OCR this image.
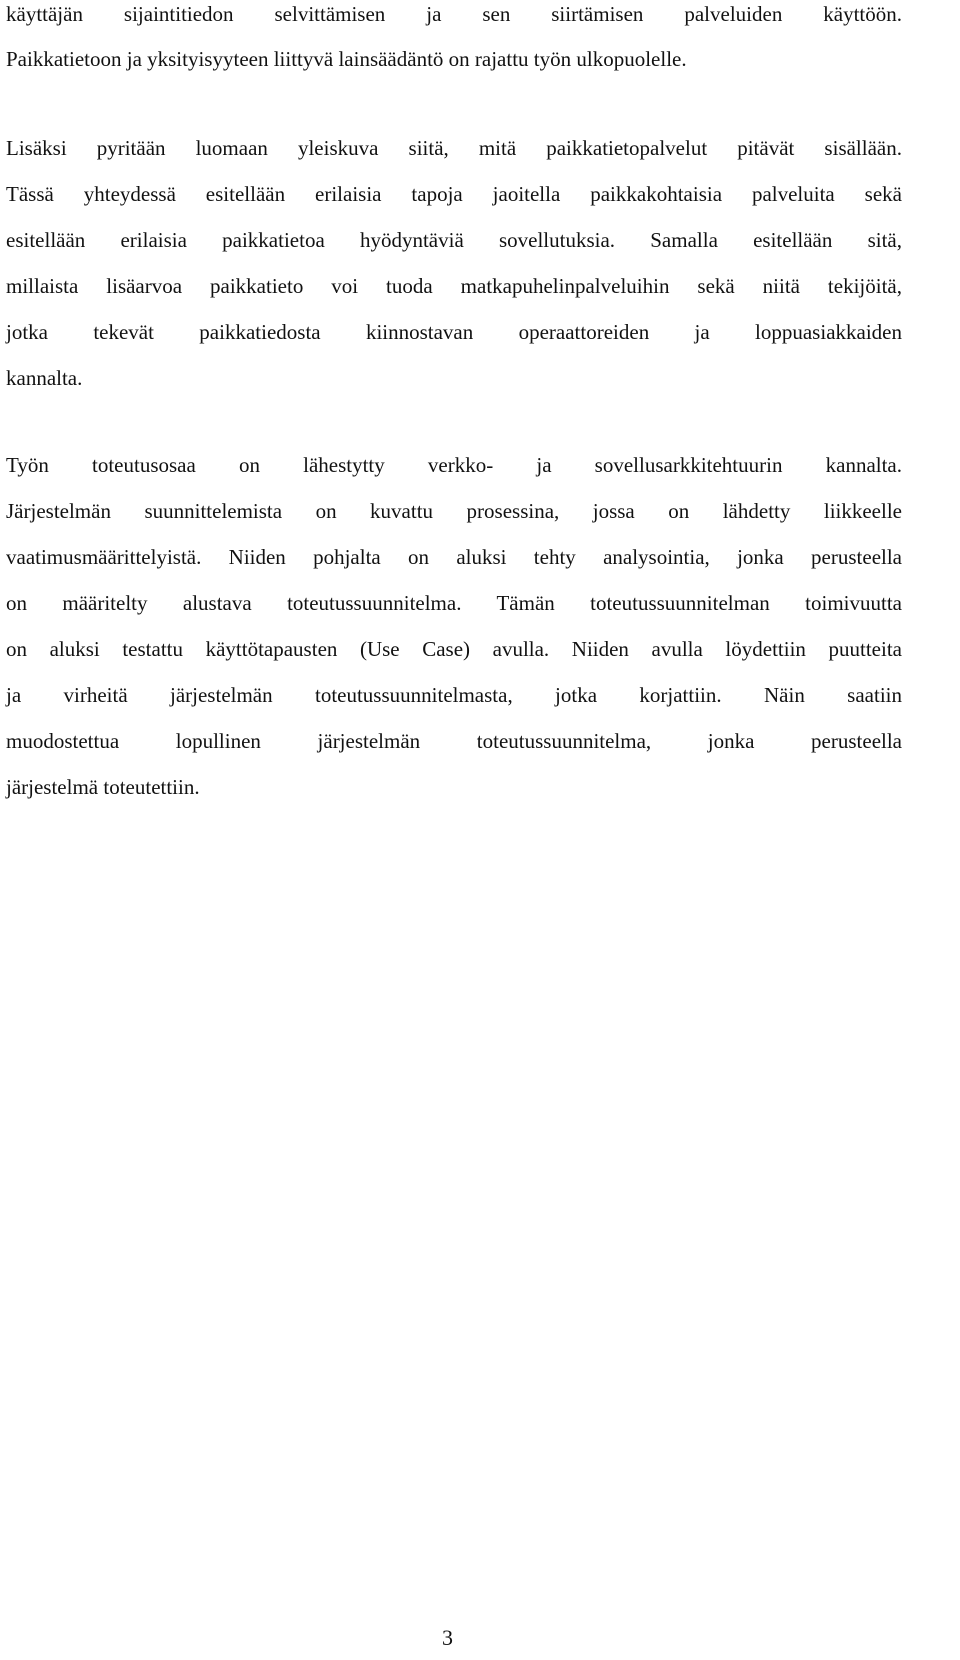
käyttäjän sijaintitiedon selvittämisen ja sen siirtämisen palveluiden käyttöön.
Paikkatietoon ja yksityisyyteen liittyvä lainsäädäntö on rajattu työn ulkopuolelle.
Lisäksi pyritään luomaan yleiskuva siitä, mitä paikkatietopalvelut pitävät sisällään.
Tässä yhteydessä esitellään erilaisia tapoja jaoitella paikkakohtaisia palveluita sekä
esitellään erilaisia paikkatietoa hyödyntäviä sovellutuksia. Samalla esitellään sitä,
millaista lisäarvoa paikkatieto voi tuoda matkapuhelinpalveluihin sekä niitä tekijöitä,
jotka tekevät paikkatiedosta kiinnostavan operaattoreiden ja loppuasiakkaiden
kannalta.
Työn toteutusosaa on lähestytty verkko- ja sovellusarkkitehtuurin kannalta.
Järjestelmän suunnittelemista on kuvattu prosessina, jossa on lähdetty liikkeelle
vaatimusmäärittelyistä. Niiden pohjalta on aluksi tehty analysointia, jonka perusteella
on määritelty alustava toteutussuunnitelma. Tämän toteutussuunnitelman toimivuutta
on aluksi testattu käyttötapausten (Use Case) avulla. Niiden avulla löydettiin puutteita
ja virheitä järjestelmän toteutussuunnitelmasta, jotka korjattiin. Näin saatiin
muodostettua lopullinen järjestelmän toteutussuunnitelma, jonka perusteella
järjestelmä toteutettiin.
3
